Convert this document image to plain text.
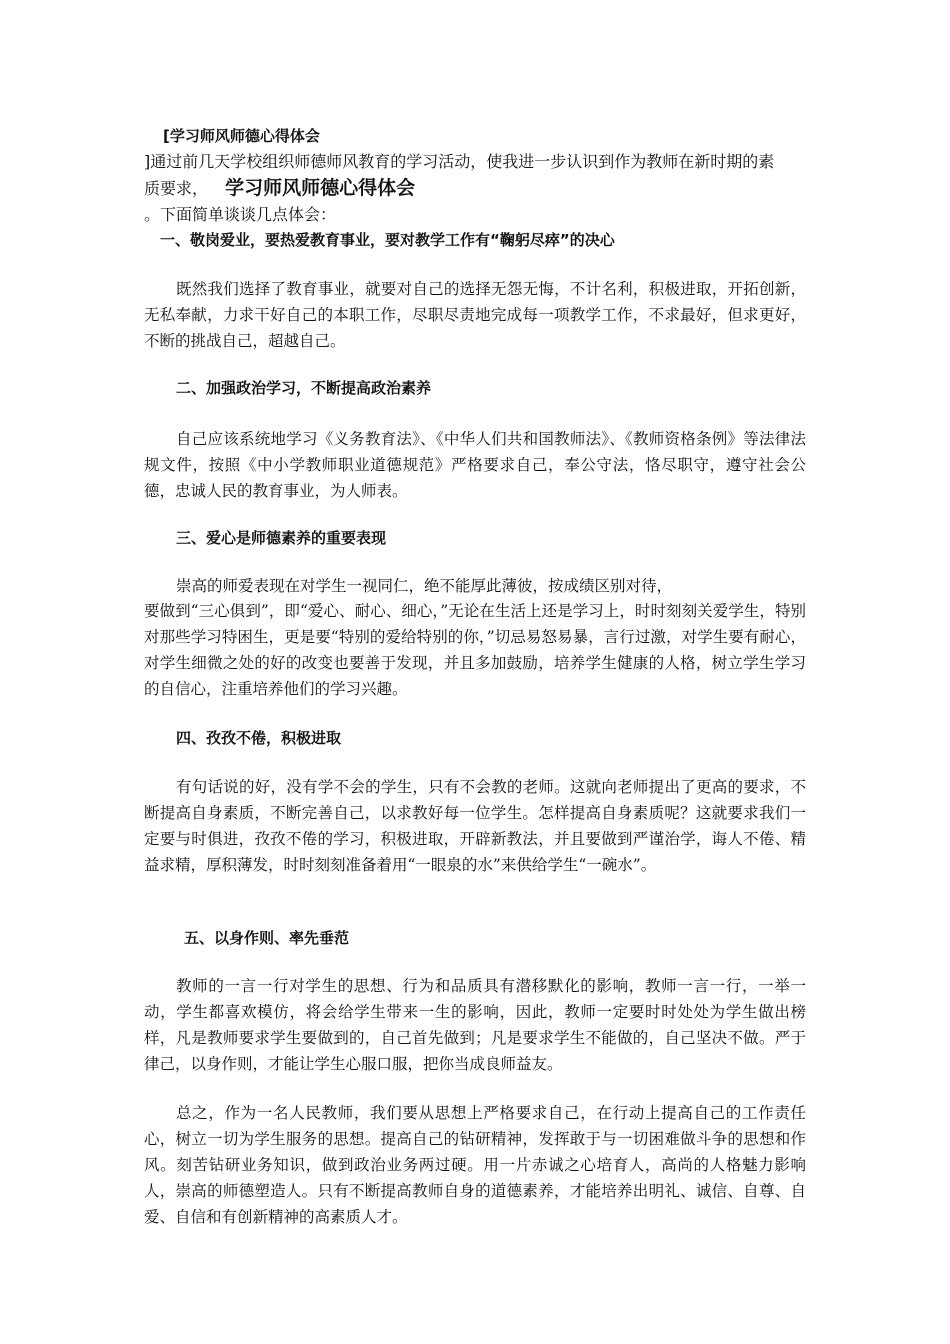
[学习师风师德心得体会
]通过前几天学校组织师德师风教育的学习活动，使我进一步认识到作为教师在新时期的素
质要求， 学习师风师德心得体会
。下面简单谈谈几点体会：
一、敬岗爱业，要热爱教育事业，要对教学工作有“鞠躬尽瘁”的决心

既然我们选择了教育事业，就要对自己的选择无怨无悔，不计名利，积极进取，开拓创新，无私奉献，力求干好自己的本职工作，尽职尽责地完成每一项教学工作，不求最好，但求更好，不断的挑战自己，超越自己。

二、加强政治学习，不断提高政治素养

自己应该系统地学习《义务教育法》、《中华人们共和国教师法》、《教师资格条例》等法律法规文件，按照《中小学教师职业道德规范》严格要求自己，奉公守法，恪尽职守，遵守社会公德，忠诚人民的教育事业，为人师表。

三、爱心是师德素养的重要表现
崇高的师爱表现在对学生一视同仁，绝不能厚此薄彼，按成绩区别对待，

要做到“三心俱到”，即“爱心、耐心、细心，”无论在生活上还是学习上，时时刻刻关爱学生，特别对那些学习特困生，更是要“特别的爱给特别的你，”切忌易怒易暴，言行过激，对学生要有耐心，对学生细微之处的好的改变也要善于发现，并且多加鼓励，培养学生健康的人格，树立学生学习的自信心，注重培养他们的学习兴趣。

四、孜孜不倦，积极进取

有句话说的好，没有学不会的学生，只有不会教的老师。这就向老师提出了更高的要求，不断提高自身素质，不断完善自己，以求教好每一位学生。怎样提高自身素质呢？这就要求我们一定要与时俱进，孜孜不倦的学习，积极进取，开辟新教法，并且要做到严谨治学，诲人不倦、精益求精，厚积薄发，时时刻刻准备着用“一眼泉的水”来供给学生“一碗水”。

五、以身作则、率先垂范

教师的一言一行对学生的思想、行为和品质具有潜移默化的影响，教师一言一行，一举一动，学生都喜欢模仿，将会给学生带来一生的影响，因此，教师一定要时时处处为学生做出榜样，凡是教师要求学生要做到的，自己首先做到；凡是要求学生不能做的，自己坚决不做。严于律己，以身作则，才能让学生心服口服，把你当成良师益友。

总之，作为一名人民教师，我们要从思想上严格要求自己，在行动上提高自己的工作责任心，树立一切为学生服务的思想。提高自己的钻研精神，发挥敢于与一切困难做斗争的思想和作风。刻苦钻研业务知识，做到政治业务两过硬。用一片赤诚之心培育人，高尚的人格魅力影响人，崇高的师德塑造人。只有不断提高教师自身的道德素养，才能培养出明礼、诚信、自尊、自爱、自信和有创新精神的高素质人才。
